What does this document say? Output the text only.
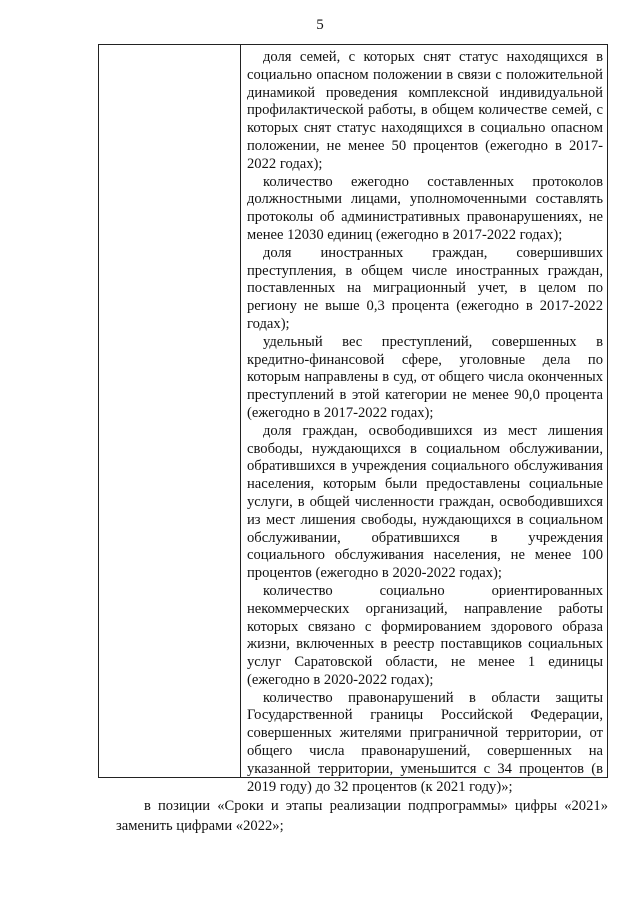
5

доля семей, с которых снят статус находящихся в социально опасном положении в связи с положительной динамикой проведения комплексной индивидуальной профилактической работы, в общем количестве семей, с которых снят статус находящихся в социально опасном положении, не менее 50 процентов (ежегодно в 2017-2022 годах);

количество ежегодно составленных протоколов должностными лицами, уполномоченными составлять протоколы об административных правонарушениях, не менее 12030 единиц (ежегодно в 2017-2022 годах);

доля иностранных граждан, совершивших преступления, в общем числе иностранных граждан, поставленных на миграционный учет, в целом по региону не выше 0,3 процента (ежегодно в 2017-2022 годах);

удельный вес преступлений, совершенных в кредитно-финансовой сфере, уголовные дела по которым направлены в суд, от общего числа оконченных преступлений в этой категории не менее 90,0 процента (ежегодно в 2017-2022 годах);

доля граждан, освободившихся из мест лишения свободы, нуждающихся в социальном обслуживании, обратившихся в учреждения социального обслуживания населения, которым были предоставлены социальные услуги, в общей численности граждан, освободившихся из мест лишения свободы, нуждающихся в социальном обслуживании, обратившихся в учреждения социального обслуживания населения, не менее 100 процентов (ежегодно в 2020-2022 годах);

количество социально ориентированных некоммерческих организаций, направление работы которых связано с формированием здорового образа жизни, включенных в реестр поставщиков социальных услуг Саратовской области, не менее 1 единицы (ежегодно в 2020-2022 годах);

количество правонарушений в области защиты Государственной границы Российской Федерации, совершенных жителями приграничной территории, от общего числа правонарушений, совершенных на указанной территории, уменьшится с 34 процентов (в 2019 году) до 32 процентов (к 2021 году)»;

в позиции «Сроки и этапы реализации подпрограммы» цифры «2021» заменить цифрами «2022»;
